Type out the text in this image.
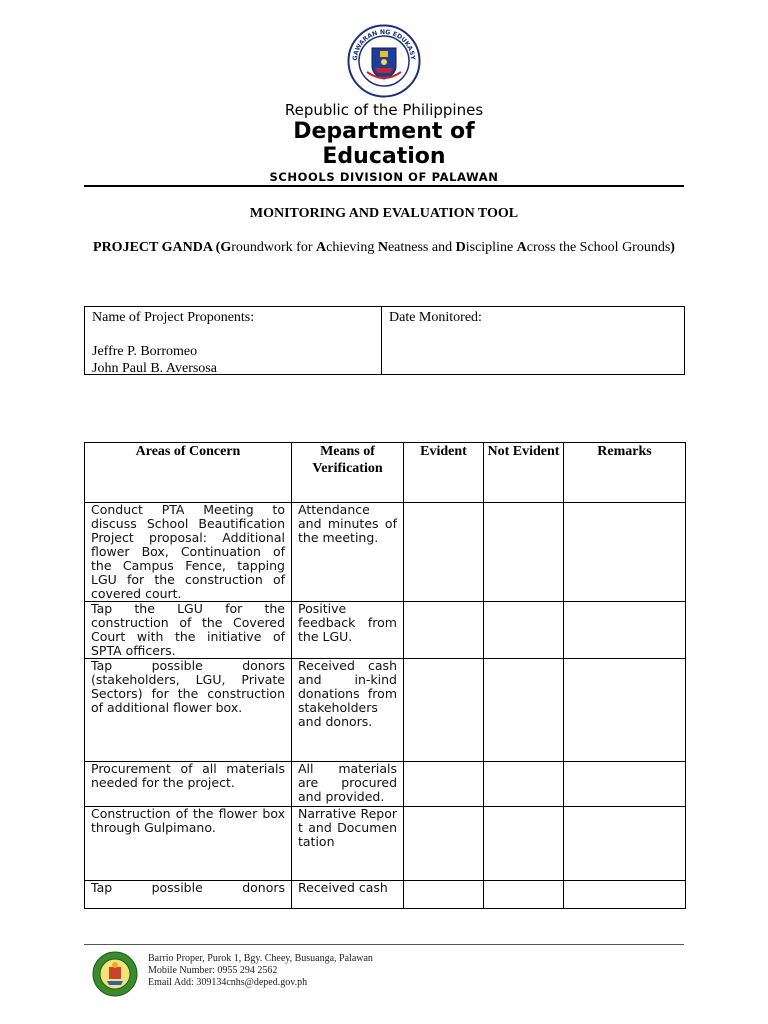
GAWARAN NG EDUKASY
Republic of the Philippines
Department of
Education
SCHOOLS DIVISION OF PALAWAN
MONITORING AND EVALUATION TOOL
PROJECT GANDA (Groundwork for Achieving Neatness and Discipline Across the School Grounds)
Name of Project Proponents:
Jeffre P. Borromeo
John Paul B. Aversosa
Date Monitored:
Areas of Concern	Means of Verification	Evident	Not Evident	Remarks
Conduct PTA Meeting to discuss School Beautification Project proposal: Additional flower Box, Continuation of the Campus Fence, tapping LGU for the construction of covered court.	Attendance and minutes of the meeting.			
Tap the LGU for the construction of the Covered Court with the initiative of SPTA officers.	Positive feedback from the LGU.			
Tap possible donors (stakeholders, LGU, Private Sectors) for the construction of additional flower box.	Received cash and in-kind donations from stakeholders and donors.			
Procurement of all materials needed for the project.	All materials are procured and provided.			
Construction of the flower box through Gulpimano.	Narrative Report and Documentation			
Tap possible donors	Received cash			
Barrio Proper, Purok 1, Bgy. Cheey, Busuanga, Palawan
Mobile Number: 0955 294 2562
Email Add: 309134cnhs@deped.gov.ph
